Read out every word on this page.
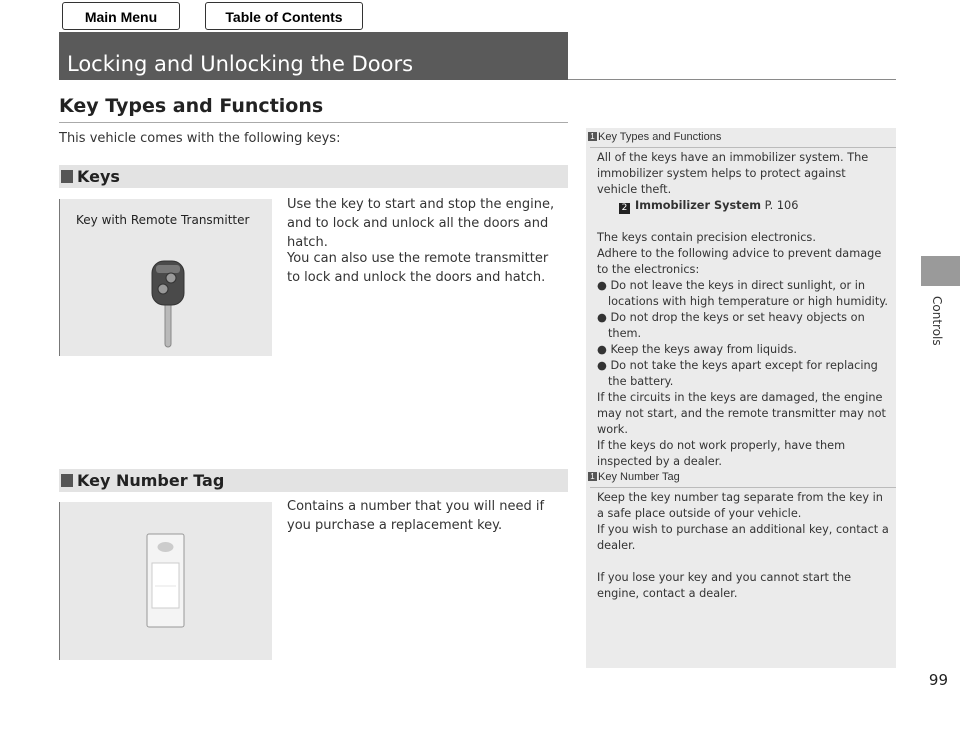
Main Menu	Table of Contents
Locking and Unlocking the Doors
Key Types and Functions
This vehicle comes with the following keys:
Keys
Key with Remote Transmitter
Use the key to start and stop the engine, and to lock and unlock all the doors and hatch.
You can also use the remote transmitter to lock and unlock the doors and hatch.
Key Number Tag
Contains a number that you will need if you purchase a replacement key.
1 Key Types and Functions

All of the keys have an immobilizer system. The immobilizer system helps to protect against vehicle theft.

2 Immobilizer System P. 106

The keys contain precision electronics.

Adhere to the following advice to prevent damage to the electronics:

● Do not leave the keys in direct sunlight, or in locations with high temperature or high humidity.

● Do not drop the keys or set heavy objects on them.

● Keep the keys away from liquids.

● Do not take the keys apart except for replacing the battery.

If the circuits in the keys are damaged, the engine may not start, and the remote transmitter may not work.

If the keys do not work properly, have them inspected by a dealer.

1 Key Number Tag

Keep the key number tag separate from the key in a safe place outside of your vehicle.

If you wish to purchase an additional key, contact a dealer.

If you lose your key and you cannot start the engine, contact a dealer.

Controls
99
